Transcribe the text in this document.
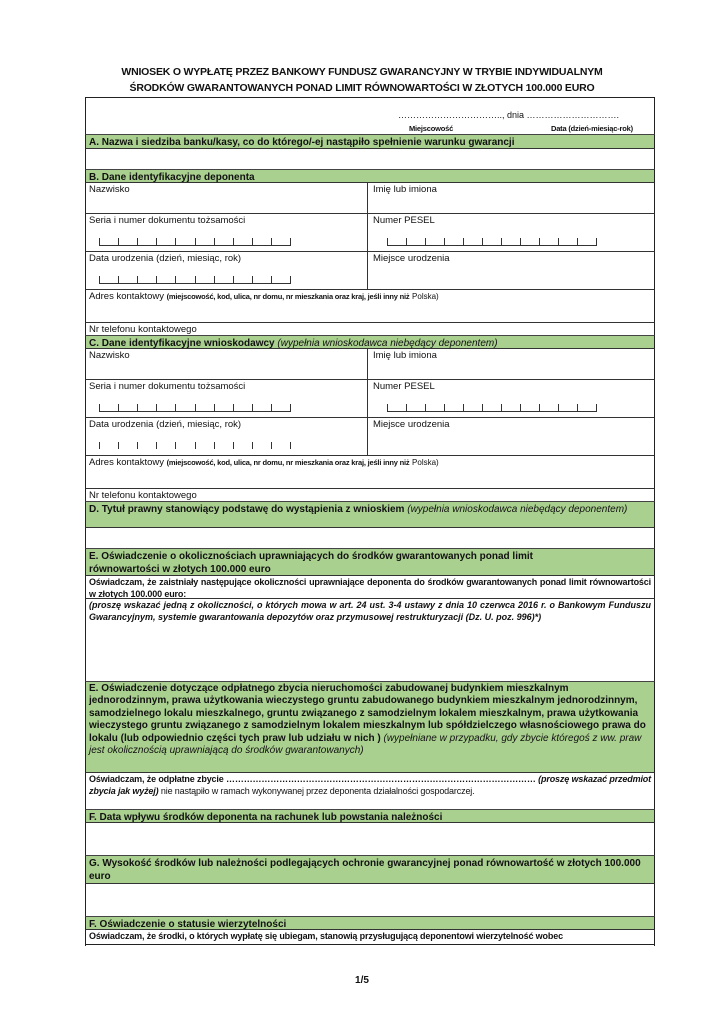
WNIOSEK O WYPŁATĘ PRZEZ BANKOWY FUNDUSZ GWARANCYJNY W TRYBIE INDYWIDUALNYM
ŚRODKÓW GWARANTOWANYCH PONAD LIMIT RÓWNOWARTOŚCI W ZŁOTYCH 100.000 EURO
…………………………….., dnia ………………………….
Miejscowość	Data (dzień-miesiąc-rok)
A. Nazwa i siedziba banku/kasy, co do którego/-ej nastąpiło spełnienie warunku gwarancji
B. Dane identyfikacyjne deponenta
Nazwisko	Imię lub imiona
Seria i numer dokumentu tożsamości	Numer PESEL
Data urodzenia (dzień, miesiąc, rok)	Miejsce urodzenia
Adres kontaktowy (miejscowość, kod, ulica, nr domu, nr mieszkania oraz kraj, jeśli inny niż Polska)
Nr telefonu kontaktowego
C. Dane identyfikacyjne wnioskodawcy (wypełnia wnioskodawca niebędący deponentem)
Nazwisko	Imię lub imiona
Seria i numer dokumentu tożsamości	Numer PESEL
Data urodzenia (dzień, miesiąc, rok)	Miejsce urodzenia
Adres kontaktowy (miejscowość, kod, ulica, nr domu, nr mieszkania oraz kraj, jeśli inny niż Polska)
Nr telefonu kontaktowego
D. Tytuł prawny stanowiący podstawę do wystąpienia z wnioskiem (wypełnia wnioskodawca niebędący deponentem)
E. Oświadczenie o okolicznościach uprawniających do środków gwarantowanych ponad limit równowartości w złotych 100.000 euro
Oświadczam, że zaistniały następujące okoliczności uprawniające deponenta do środków gwarantowanych ponad limit równowartości w złotych 100.000 euro:
(proszę wskazać jedną z okoliczności, o których mowa w art. 24 ust. 3-4 ustawy z dnia 10 czerwca 2016 r. o Bankowym Funduszu Gwarancyjnym, systemie gwarantowania depozytów oraz przymusowej restrukturyzacji (Dz. U. poz. 996)*)
E. Oświadczenie dotyczące odpłatnego zbycia nieruchomości zabudowanej budynkiem mieszkalnym jednorodzinnym, prawa użytkowania wieczystego gruntu zabudowanego budynkiem mieszkalnym jednorodzinnym, samodzielnego lokalu mieszkalnego, gruntu związanego z samodzielnym lokalem mieszkalnym, prawa użytkowania wieczystego gruntu związanego z samodzielnym lokalem mieszkalnym lub spółdzielczego własnościowego prawa do lokalu (lub odpowiednio części tych praw lub udziału w nich ) (wypełniane w przypadku, gdy zbycie któregoś z ww. praw jest okolicznością uprawniającą do środków gwarantowanych)
Oświadczam, że odpłatne zbycie …………………………………………………………………………………………… (proszę wskazać przedmiot zbycia jak wyżej) nie nastąpiło w ramach wykonywanej przez deponenta działalności gospodarczej.
F. Data wpływu środków deponenta na rachunek lub powstania należności
G. Wysokość środków lub należności podlegających ochronie gwarancyjnej ponad równowartość w złotych 100.000 euro
F. Oświadczenie o statusie wierzytelności
Oświadczam, że środki, o których wypłatę się ubiegam, stanowią przysługującą deponentowi wierzytelność wobec
1/5
